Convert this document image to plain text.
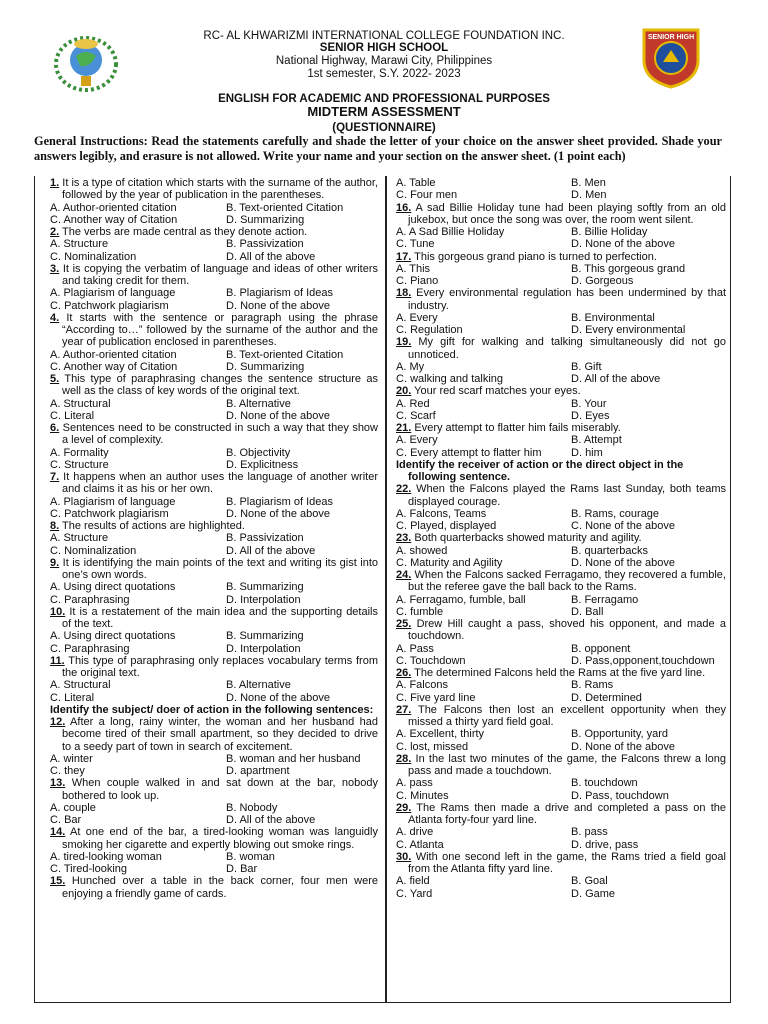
SENIOR HIGH
RC- AL KHWARIZMI INTERNATIONAL COLLEGE FOUNDATION INC.
SENIOR HIGH SCHOOL
National Highway, Marawi City, Philippines
1st semester, S.Y. 2022- 2023
ENGLISH FOR ACADEMIC AND PROFESSIONAL PURPOSES
MIDTERM ASSESSMENT
(QUESTIONNAIRE)
General Instructions: Read the statements carefully and shade the letter of your choice on the answer sheet provided. Shade your answers legibly, and erasure is not allowed. Write your name and your section on the answer sheet. (1 point each)
1. It is a type of citation which starts with the surname of the author, followed by the year of publication in the parentheses.
A. Author-oriented citation	B. Text-oriented Citation
C. Another way of Citation	D. Summarizing
2. The verbs are made central as they denote action.
A. Structure	B. Passivization
C. Nominalization	D. All of the above
3. It is copying the verbatim of language and ideas of other writers and taking credit for them.
A. Plagiarism of language	B. Plagiarism of Ideas
C. Patchwork plagiarism	D. None of the above
4. It starts with the sentence or paragraph using the phrase “According to…” followed by the surname of the author and the year of publication enclosed in parentheses.
A. Author-oriented citation	B. Text-oriented Citation
C. Another way of Citation	D. Summarizing
5. This type of paraphrasing changes the sentence structure as well as the class of key words of the original text.
A. Structural	B. Alternative
C. Literal	D. None of the above
6. Sentences need to be constructed in such a way that they show a level of complexity.
A. Formality	B. Objectivity
C. Structure	D. Explicitness
7. It happens when an author uses the language of another writer and claims it as his or her own.
A. Plagiarism of language	B. Plagiarism of Ideas
C. Patchwork plagiarism	D. None of the above
8. The results of actions are highlighted.
A. Structure	B. Passivization
C. Nominalization	D. All of the above
9. It is identifying the main points of the text and writing its gist into one’s own words.
A. Using direct quotations	B. Summarizing
C. Paraphrasing	D. Interpolation
10. It is a restatement of the main idea and the supporting details of the text.
A. Using direct quotations	B. Summarizing
C. Paraphrasing	D. Interpolation
11. This type of paraphrasing only replaces vocabulary terms from the original text.
A. Structural	B. Alternative
C. Literal	D. None of the above
Identify the subject/ doer of action in the following sentences:
12. After a long, rainy winter, the woman and her husband had become tired of their small apartment, so they decided to drive to a seedy part of town in search of excitement.
A. winter	B. woman and her husband
C. they	D. apartment
13. When couple walked in and sat down at the bar, nobody bothered to look up.
A. couple	B. Nobody
C. Bar	D. All of the above
14. At one end of the bar, a tired-looking woman was languidly smoking her cigarette and expertly blowing out smoke rings.
A. tired-looking woman	B. woman
C. Tired-looking	D. Bar
15. Hunched over a table in the back corner, four men were enjoying a friendly game of cards.
A. Table	B. Men
C. Four men	D. Men
16. A sad Billie Holiday tune had been playing softly from an old jukebox, but once the song was over, the room went silent.
A. A Sad Billie Holiday	B. Billie Holiday
C. Tune	D. None of the above
17. This gorgeous grand piano is turned to perfection.
A. This	B. This gorgeous grand
C. Piano	D. Gorgeous
18. Every environmental regulation has been undermined by that industry.
A. Every	B. Environmental
C. Regulation	D. Every environmental
19. My gift for walking and talking simultaneously did not go unnoticed.
A. My	B. Gift
C. walking and talking	D. All of the above
20. Your red scarf matches your eyes.
A. Red	B. Your
C. Scarf	D. Eyes
21. Every attempt to flatter him fails miserably.
A. Every	B. Attempt
C. Every attempt to flatter him	D. him
Identify the receiver of action or the direct object in the following sentence.
22. When the Falcons played the Rams last Sunday, both teams displayed courage.
A. Falcons, Teams	B. Rams, courage
C. Played, displayed	C. None of the above
23. Both quarterbacks showed maturity and agility.
A. showed	B. quarterbacks
C. Maturity and Agility	D. None of the above
24. When the Falcons sacked Ferragamo, they recovered a fumble, but the referee gave the ball back to the Rams.
A. Ferragamo, fumble, ball	B. Ferragamo
C. fumble	D. Ball
25. Drew Hill caught a pass, shoved his opponent, and made a touchdown.
A. Pass	B. opponent
C. Touchdown	D. Pass,opponent,touchdown
26. The determined Falcons held the Rams at the five yard line.
A. Falcons	B. Rams
C. Five yard line	D. Determined
27. The Falcons then lost an excellent opportunity when they missed a thirty yard field goal.
A. Excellent, thirty	B. Opportunity, yard
C. lost, missed	D. None of the above
28. In the last two minutes of the game, the Falcons threw a long pass and made a touchdown.
A. pass	B. touchdown
C. Minutes	D. Pass, touchdown
29. The Rams then made a drive and completed a pass on the Atlanta forty-four yard line.
A. drive	B. pass
C. Atlanta	D. drive, pass
30. With one second left in the game, the Rams tried a field goal from the Atlanta fifty yard line.
A. field	B. Goal
C. Yard	D. Game
